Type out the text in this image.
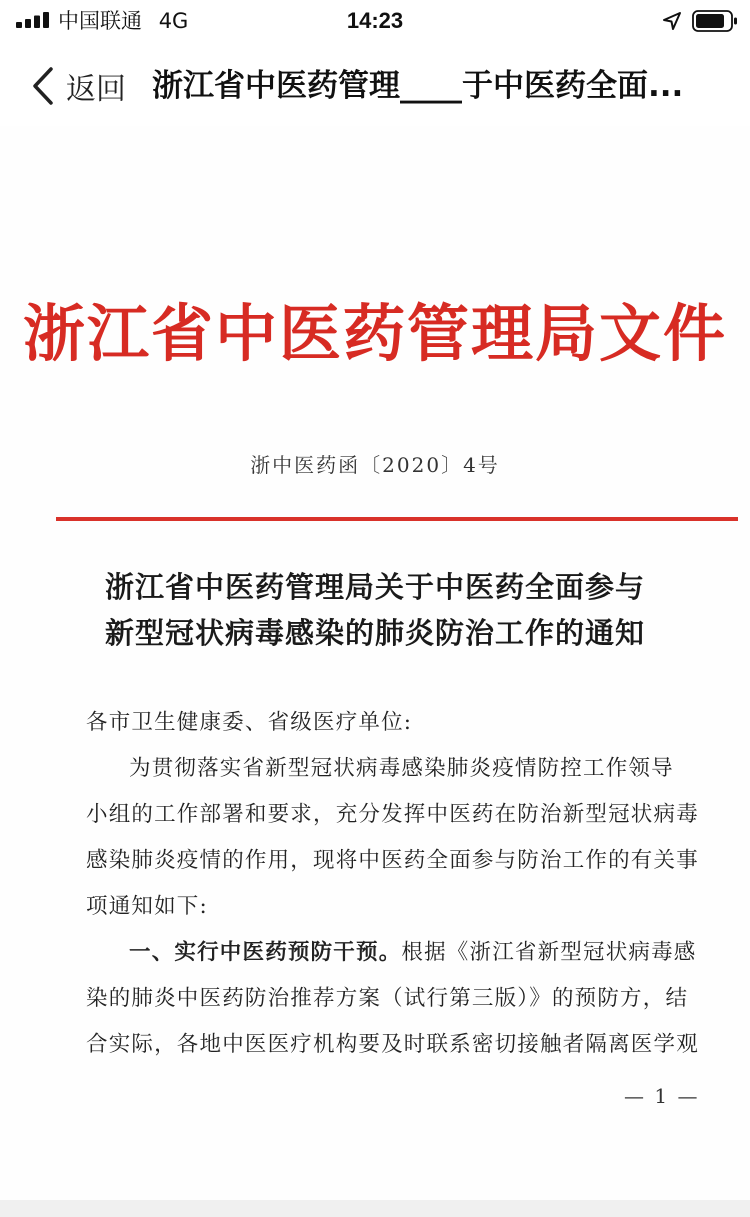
中国联通 4G	14:23
返回 浙江省中医药管理____于中医药全面...
浙江省中医药管理局文件
浙中医药函〔2020〕4号
浙江省中医药管理局关于中医药全面参与
新型冠状病毒感染的肺炎防治工作的通知
各市卫生健康委、省级医疗单位:
为贯彻落实省新型冠状病毒感染肺炎疫情防控工作领导
小组的工作部署和要求，充分发挥中医药在防治新型冠状病毒
感染肺炎疫情的作用，现将中医药全面参与防治工作的有关事
项通知如下:
一、实行中医药预防干预。根据《浙江省新型冠状病毒感
染的肺炎中医药防治推荐方案（试行第三版）》的预防方，结
合实际，各地中医医疗机构要及时联系密切接触者隔离医学观
— 1 —
